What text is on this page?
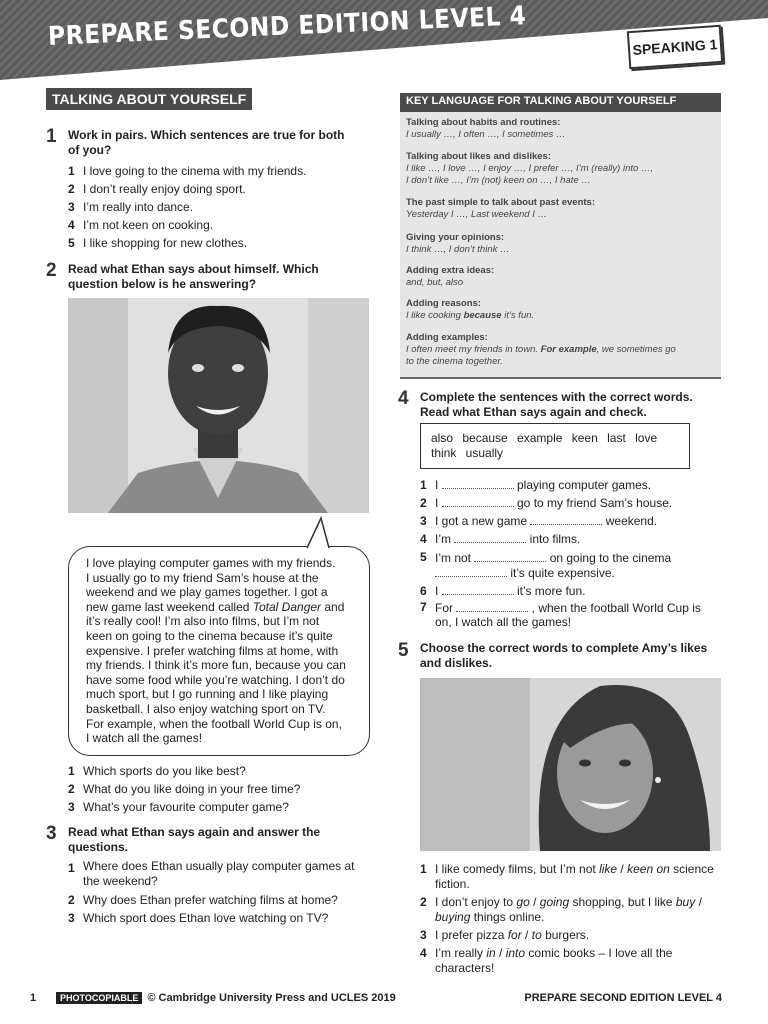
PREPARE SECOND EDITION LEVEL 4	SPEAKING 1
TALKING ABOUT YOURSELF
1 Work in pairs. Which sentences are true for both of you?
1 I love going to the cinema with my friends.
2 I don’t really enjoy doing sport.
3 I’m really into dance.
4 I’m not keen on cooking.
5 I like shopping for new clothes.
2 Read what Ethan says about himself. Which question below is he answering?
I love playing computer games with my friends.
I usually go to my friend Sam’s house at the
weekend and we play games together. I got a
new game last weekend called Total Danger and
it’s really cool! I’m also into films, but I’m not
keen on going to the cinema because it’s quite
expensive. I prefer watching films at home, with
my friends. I think it’s more fun, because you can
have some food while you’re watching. I don’t do
much sport, but I go running and I like playing
basketball. I also enjoy watching sport on TV.
For example, when the football World Cup is on,
I watch all the games!
1 Which sports do you like best?
2 What do you like doing in your free time?
3 What’s your favourite computer game?
3 Read what Ethan says again and answer the questions.
1 Where does Ethan usually play computer games at the weekend?
2 Why does Ethan prefer watching films at home?
3 Which sport does Ethan love watching on TV?
KEY LANGUAGE FOR TALKING ABOUT YOURSELF
Talking about habits and routines:
I usually …, I often …, I sometimes …
Talking about likes and dislikes:
I like …, I love …, I enjoy …, I prefer …, I’m (really) into …,
I don’t like …, I’m (not) keen on …, I hate …
The past simple to talk about past events:
Yesterday I …, Last weekend I …
Giving your opinions:
I think …, I don’t think …
Adding extra ideas:
and, but, also
Adding reasons:
I like cooking because it’s fun.
Adding examples:
I often meet my friends in town. For example, we sometimes go
to the cinema together.
4 Complete the sentences with the correct words. Read what Ethan says again and check.
also because example keen last love
think usually
1 I	playing computer games.
2 I	go to my friend Sam’s house.
3 I got a new game	weekend.
4 I’m	into films.
5 I’m not	on going to the cinema
it’s quite expensive.
6 I	it’s more fun.
7 For	, when the football World Cup is
on, I watch all the games!
5 Choose the correct words to complete Amy’s likes and dislikes.
1 I like comedy films, but I’m not like / keen on science
fiction.
2 I don’t enjoy to go / going shopping, but I like buy /
buying things online.
3 I prefer pizza for / to burgers.
4 I’m really in / into comic books – I love all the
characters!
1	PHOTOCOPIABLE © Cambridge University Press and UCLES 2019	PREPARE SECOND EDITION LEVEL 4
